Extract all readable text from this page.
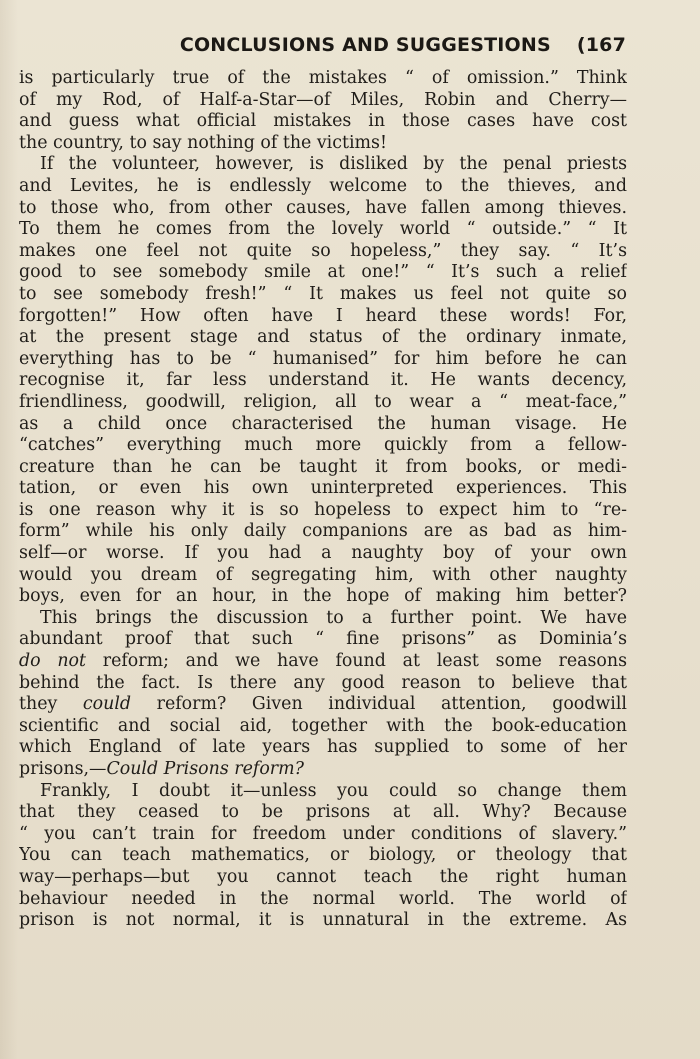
CONCLUSIONS AND SUGGESTIONS (167
is particularly true of the mistakes “ of omission.” Think
of my Rod, of Half-a-Star—of Miles, Robin and Cherry—
and guess what official mistakes in those cases have cost
the country, to say nothing of the victims!
If the volunteer, however, is disliked by the penal priests
and Levites, he is endlessly welcome to the thieves, and
to those who, from other causes, have fallen among thieves.
To them he comes from the lovely world “ outside.” “ It
makes one feel not quite so hopeless,” they say. “ It’s
good to see somebody smile at one!” “ It’s such a relief
to see somebody fresh!” “ It makes us feel not quite so
forgotten!” How often have I heard these words! For,
at the present stage and status of the ordinary inmate,
everything has to be “ humanised” for him before he can
recognise it, far less understand it. He wants decency,
friendliness, goodwill, religion, all to wear a “ meat-face,”
as a child once characterised the human visage. He
“catches” everything much more quickly from a fellow-
creature than he can be taught it from books, or medi-
tation, or even his own uninterpreted experiences. This
is one reason why it is so hopeless to expect him to “re-
form” while his only daily companions are as bad as him-
self—or worse. If you had a naughty boy of your own
would you dream of segregating him, with other naughty
boys, even for an hour, in the hope of making him better?
This brings the discussion to a further point. We have
abundant proof that such “ fine prisons” as Dominia’s
do not reform; and we have found at least some reasons
behind the fact. Is there any good reason to believe that
they could reform? Given individual attention, goodwill
scientific and social aid, together with the book-education
which England of late years has supplied to some of her
prisons,—Could Prisons reform?
Frankly, I doubt it—unless you could so change them
that they ceased to be prisons at all. Why? Because
“ you can’t train for freedom under conditions of slavery.”
You can teach mathematics, or biology, or theology that
way—perhaps—but you cannot teach the right human
behaviour needed in the normal world. The world of
prison is not normal, it is unnatural in the extreme. As
